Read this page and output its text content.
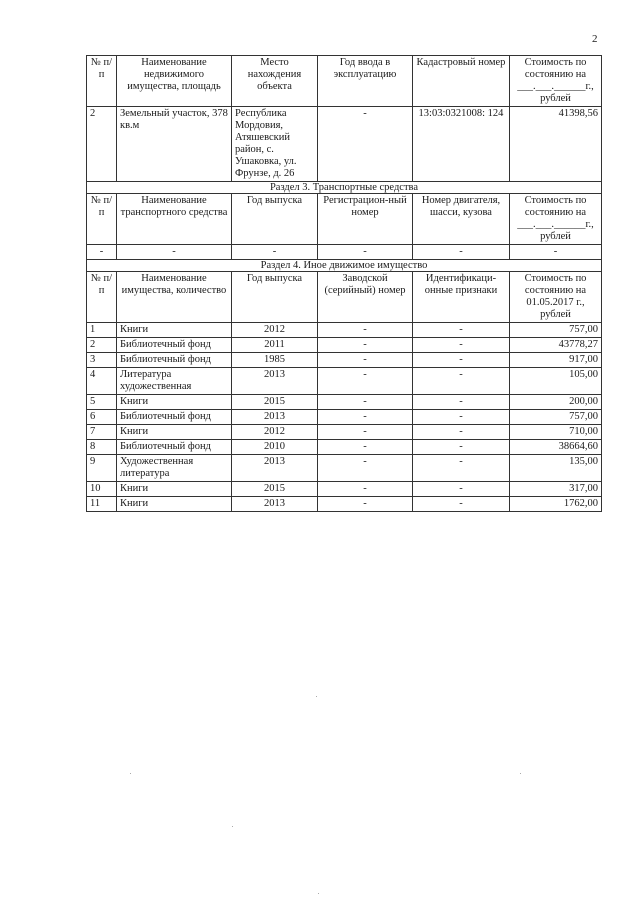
2
№ п/п	Наименование недвижимого имущества, площадь	Место нахождения объекта	Год ввода в эксплуатацию	Кадастровый номер	Стоимость по состоянию на ___.___.______г., рублей
2	Земельный участок, 378 кв.м	Республика Мордовия, Атяшевский район, с. Ушаковка, ул. Фрунзе, д. 26	-	13:03:0321008: 124	41398,56
Раздел 3. Транспортные средства					
№ п/п	Наименование транспортного средства	Год выпуска	Регистрацион-ный номер	Номер двигателя, шасси, кузова	Стоимость по состоянию на ___.___.______г., рублей
-	-	-	-	-	-
Раздел 4. Иное движимое имущество					
№ п/п	Наименование имущества, количество	Год выпуска	Заводской (серийный) номер	Идентификаци-онные признаки	Стоимость по состоянию на 01.05.2017 г., рублей
1	Книги	2012	-	-	757,00
2	Библиотечный фонд	2011	-	-	43778,27
3	Библиотечный фонд	1985	-	-	917,00
4	Литература художественная	2013	-	-	105,00
5	Книги	2015	-	-	200,00
6	Библиотечный фонд	2013	-	-	757,00
7	Книги	2012	-	-	710,00
8	Библиотечный фонд	2010	-	-	38664,60
9	Художественная литература	2013	-	-	135,00
10	Книги	2015	-	-	317,00
11	Книги	2013	-	-	1762,00
